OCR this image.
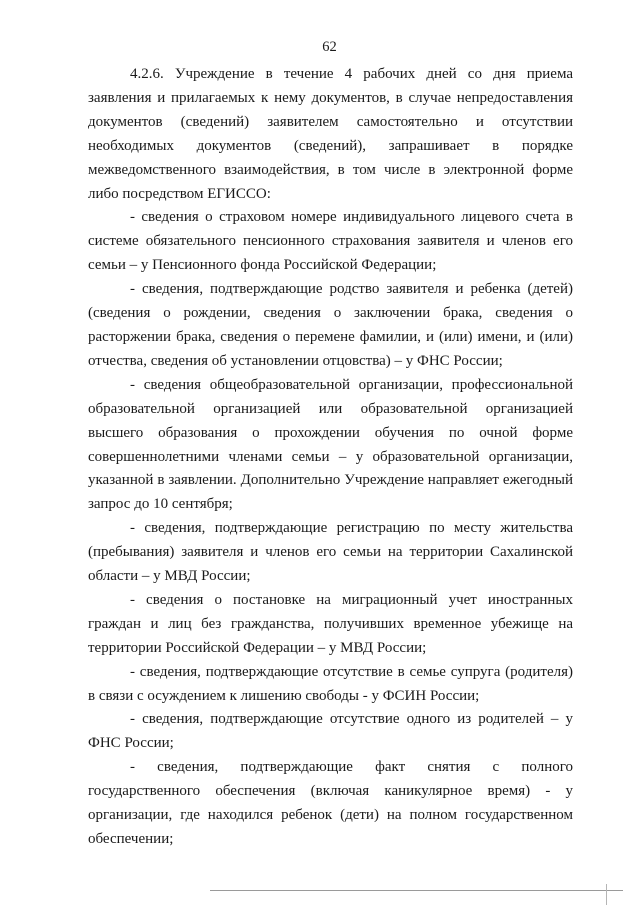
62

4.2.6. Учреждение в течение 4 рабочих дней со дня приема заявления и прилагаемых к нему документов, в случае непредоставления документов (сведений) заявителем самостоятельно и отсутствии необходимых документов (сведений), запрашивает в порядке межведомственного взаимодействия, в том числе в электронной форме либо посредством ЕГИССО:

- сведения о страховом номере индивидуального лицевого счета в системе обязательного пенсионного страхования заявителя и членов его семьи – у Пенсионного фонда Российской Федерации;

- сведения, подтверждающие родство заявителя и ребенка (детей) (сведения о рождении, сведения о заключении брака, сведения о расторжении брака, сведения о перемене фамилии, и (или) имени, и (или) отчества, сведения об установлении отцовства) – у ФНС России;

- сведения общеобразовательной организации, профессиональной образовательной организацией или образовательной организацией высшего образования о прохождении обучения по очной форме совершеннолетними членами семьи – у образовательной организации, указанной в заявлении. Дополнительно Учреждение направляет ежегодный запрос до 10 сентября;

- сведения, подтверждающие регистрацию по месту жительства (пребывания) заявителя и членов его семьи на территории Сахалинской области – у МВД России;

- сведения о постановке на миграционный учет иностранных граждан и лиц без гражданства, получивших временное убежище на территории Российской Федерации – у МВД России;

- сведения, подтверждающие отсутствие в семье супруга (родителя) в связи с осуждением к лишению свободы - у ФСИН России;

- сведения, подтверждающие отсутствие одного из родителей – у ФНС России;

- сведения, подтверждающие факт снятия с полного государственного обеспечения (включая каникулярное время) - у организации, где находился ребенок (дети) на полном государственном обеспечении;
